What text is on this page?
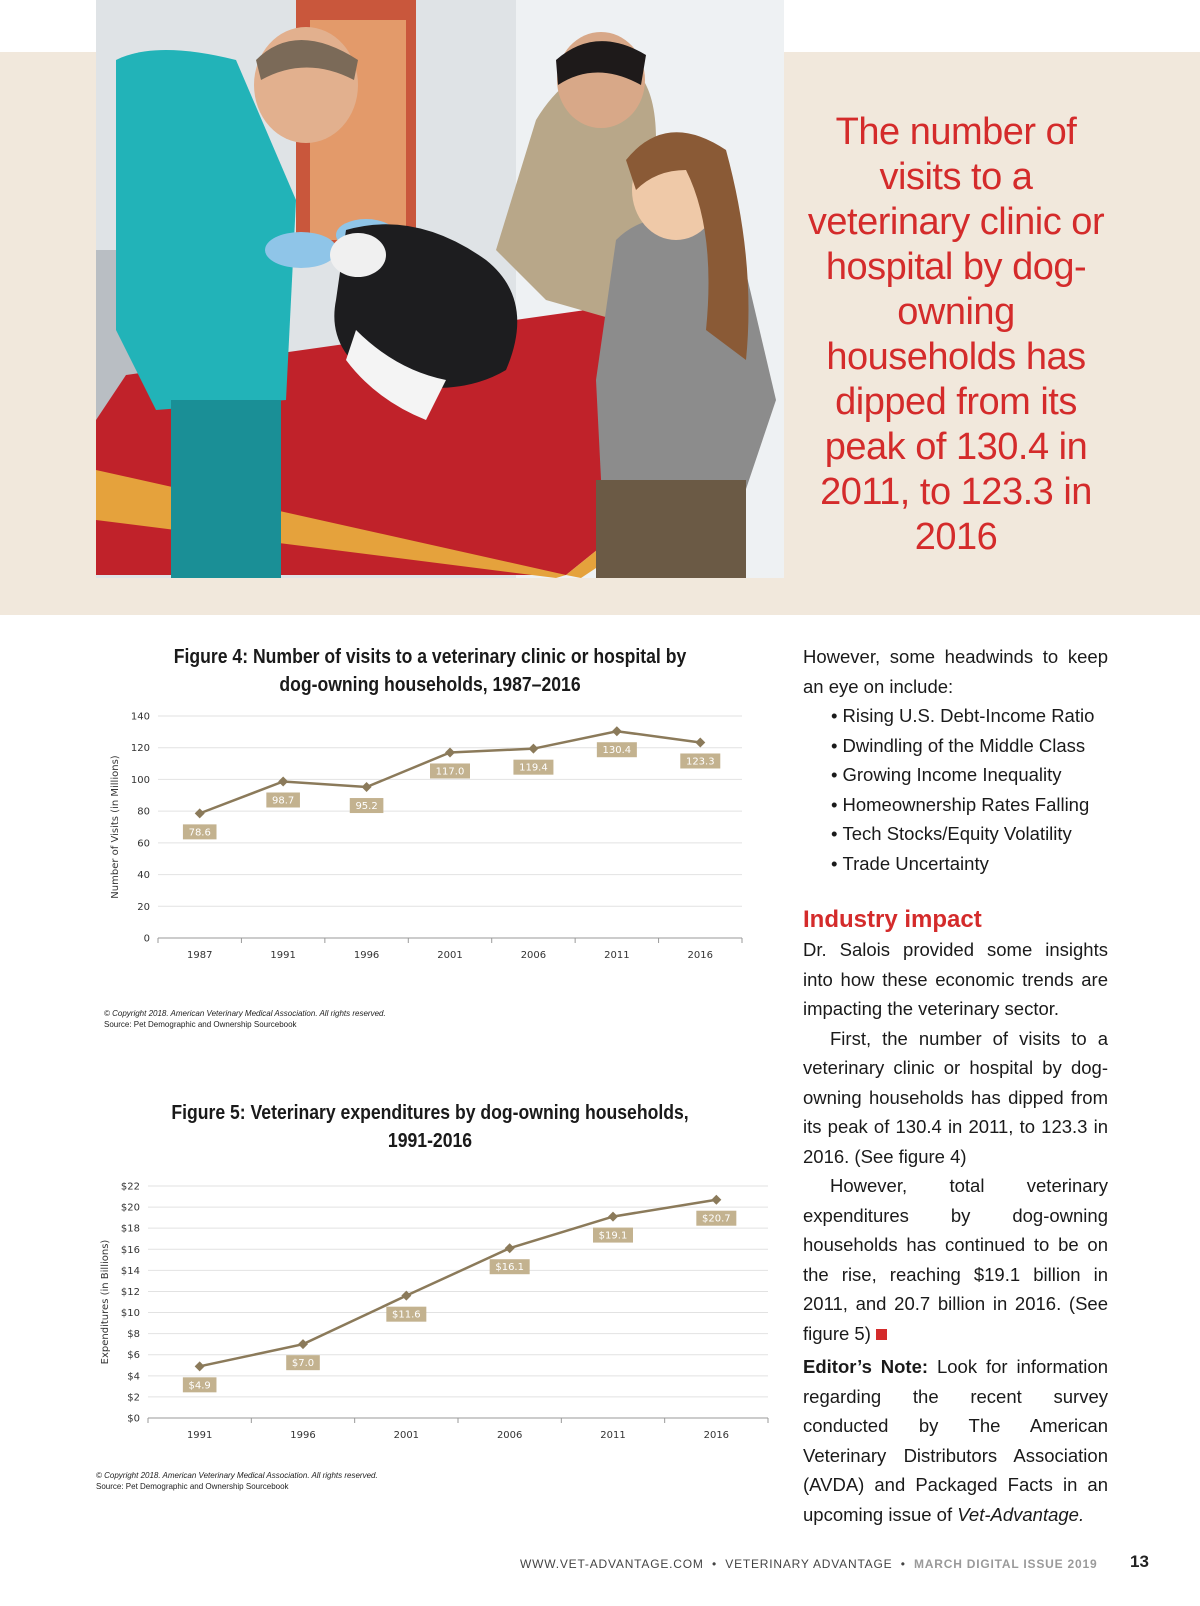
The number of visits to a veterinary clinic or hospital by dog-owning households has dipped from its peak of 130.4 in 2011, to 123.3 in 2016
Figure 4: Number of visits to a veterinary clinic or hospital by dog-owning households, 1987–2016
0
20
40
60
80
100
120
140
1987	1991	1996	2001	2006	2011	2016
Number of Visits (in Millions)	78.6
98.7
95.2
117.0	119.4
130.4
123.3
© Copyright 2018. American Veterinary Medical Association. All rights reserved.
Source: Pet Demographic and Ownership Sourcebook
Figure 5: Veterinary expenditures by dog-owning households, 1991-2016
$0
$2
$4
$6
$8
$10
$12
$14
$16
$18
$20
$22
1991	1996	2001	2006	2011	2016
Expenditures (in Billions)
$4.9
$7.0
$11.6
$16.1
$19.1
$20.7
© Copyright 2018. American Veterinary Medical Association. All rights reserved.
Source: Pet Demographic and Ownership Sourcebook

However, some headwinds to keep an eye on include:

• Rising U.S. Debt-Income Ratio
• Dwindling of the Middle Class
• Growing Income Inequality
• Homeownership Rates Falling
• Tech Stocks/Equity Volatility
• Trade Uncertainty

Industry impact

Dr. Salois provided some insights into how these economic trends are impacting the veterinary sector.

First, the number of visits to a veterinary clinic or hospital by dog-owning households has dipped from its peak of 130.4 in 2011, to 123.3 in 2016. (See figure 4)

However, total veterinary expenditures by dog-owning households has continued to be on the rise, reaching $19.1 billion in 2011, and 20.7 billion in 2016. (See figure 5)

Editor’s Note: Look for information regarding the recent survey conducted by The American Veterinary Distributors Association (AVDA) and Packaged Facts in an upcoming issue of Vet-Advantage.

WWW.VET-ADVANTAGE.COM • VETERINARY ADVANTAGE • MARCH DIGITAL ISSUE 2019 13
